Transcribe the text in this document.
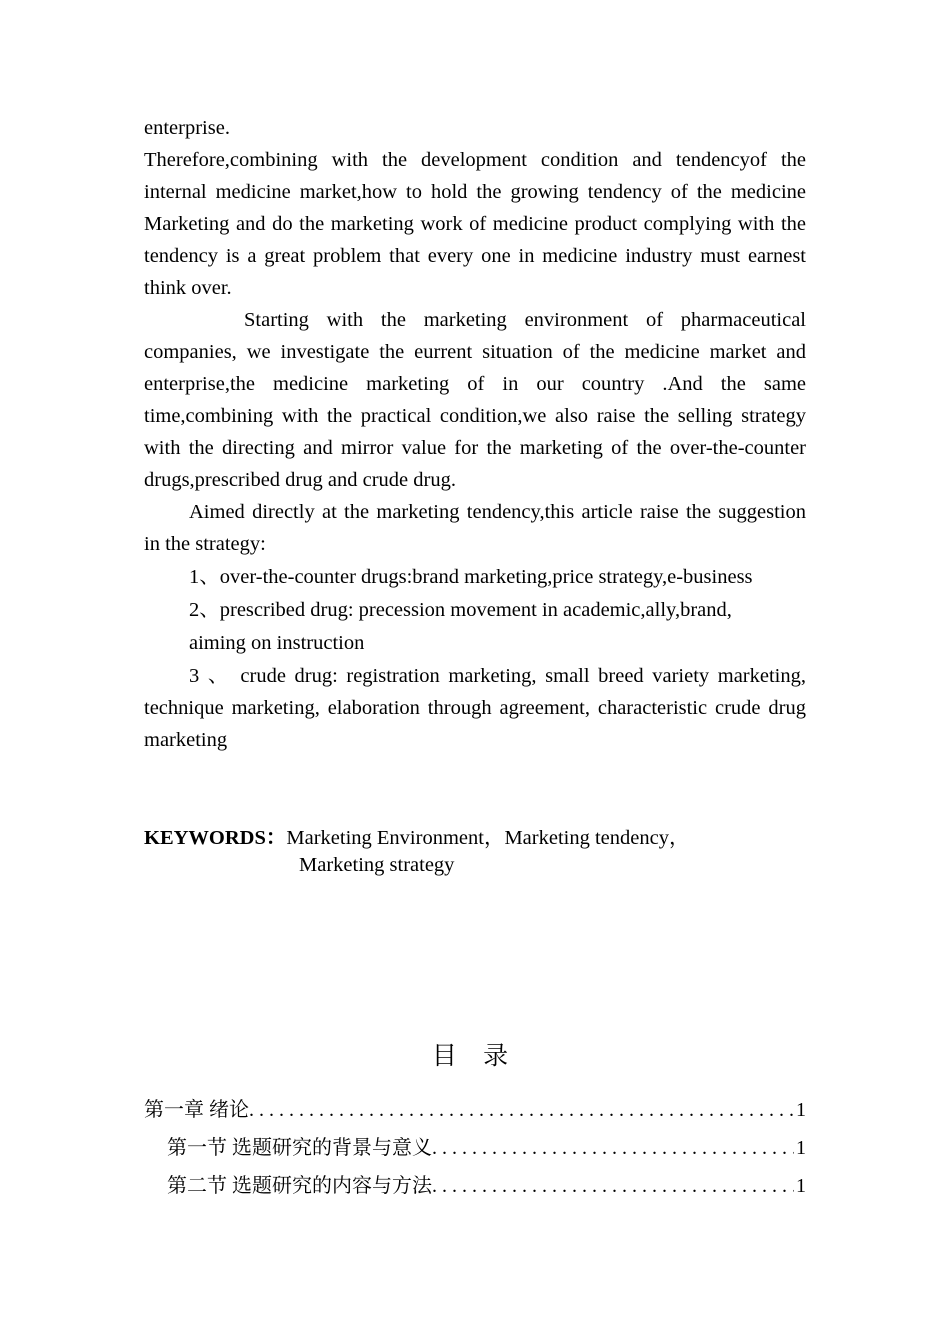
enterprise.

Therefore,combining with the development condition and tendencyof the internal medicine market,how to hold the growing tendency of the medicine Marketing and do the marketing work of medicine product complying with the tendency is a great problem that every one in medicine industry must earnest think over.

Starting with the marketing environment of pharmaceutical companies, we investigate the eurrent situation of the medicine market and enterprise,the medicine marketing of in our country .And the same time,combining with the practical condition,we also raise the selling strategy with the directing and mirror value for the marketing of the over-the-counter drugs,prescribed drug and crude drug.

Aimed directly at the marketing tendency,this article raise the suggestion in the strategy:

1、over-the-counter drugs:brand marketing,price strategy,e-business

2、prescribed drug: precession movement in academic,ally,brand,

aiming on instruction

3 、 crude drug: registration marketing, small breed variety marketing, technique marketing, elaboration through agreement, characteristic crude drug marketing

KEYWORDS：Marketing Environment，Marketing tendency，
Marketing strategy
目 录
第一章 绪论 . . .	1
第一节 选题研究的背景与意义 . . .	1
第二节 选题研究的内容与方法 . . .	1
